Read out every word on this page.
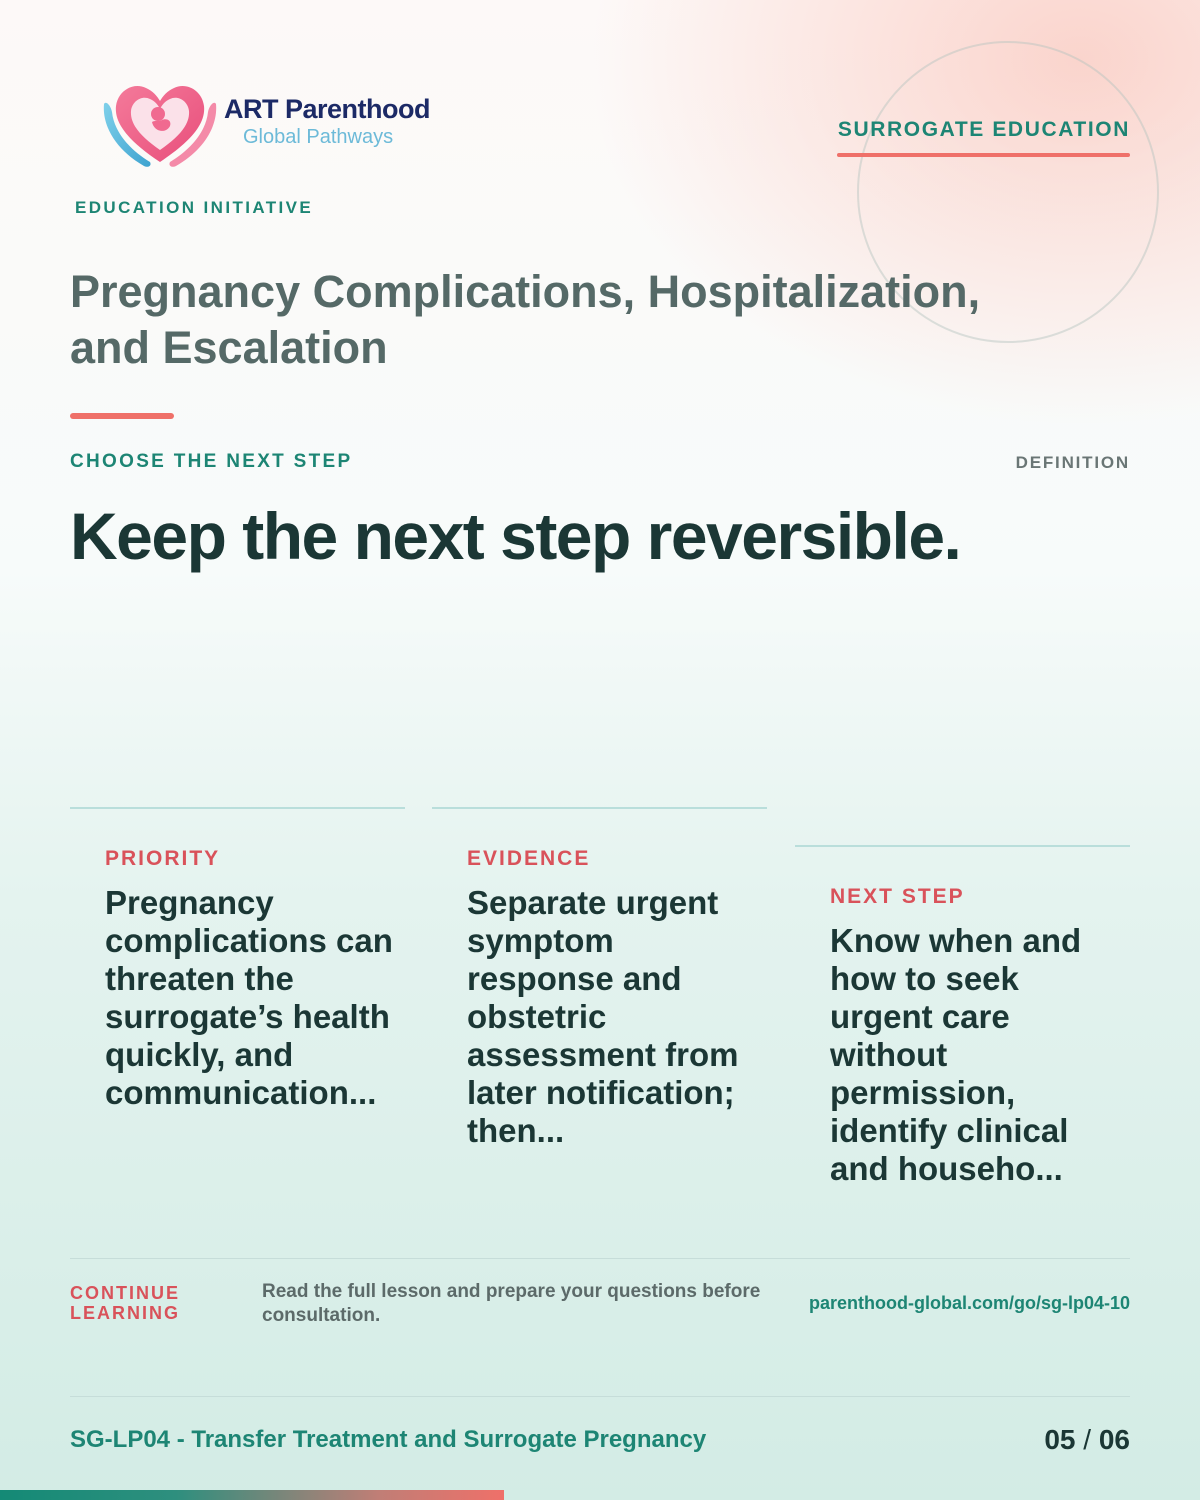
ART Parenthood
Global Pathways
EDUCATION INITIATIVE
SURROGATE EDUCATION
Pregnancy Complications, Hospitalization, and Escalation
CHOOSE THE NEXT STEP	DEFINITION
Keep the next step reversible.
PRIORITY
Pregnancy complications can threaten the surrogate’s health quickly, and communication...
EVIDENCE
Separate urgent symptom response and obstetric assessment from later notification; then...
NEXT STEP
Know when and how to seek urgent care without permission, identify clinical and househo...
CONTINUE LEARNING
Read the full lesson and prepare your questions before consultation.
parenthood-global.com/go/sg-lp04-10
SG-LP04 - Transfer Treatment and Surrogate Pregnancy	05 / 06
